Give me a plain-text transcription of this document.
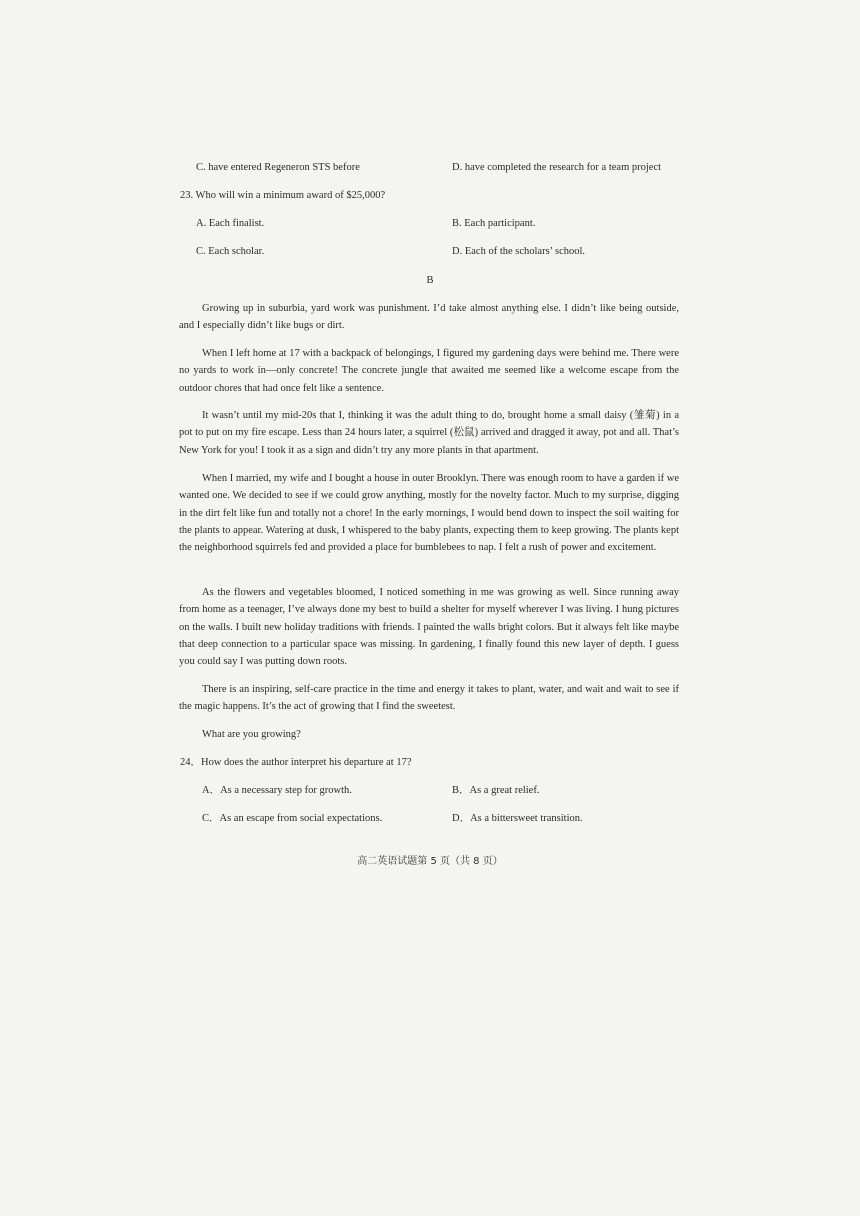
C. have entered Regeneron STS before	D. have completed the research for a team project
23. Who will win a minimum award of $25,000?
A. Each finalist.	B. Each participant.
C. Each scholar.	D. Each of the scholars’ school.
B

Growing up in suburbia, yard work was punishment. I’d take almost anything else. I didn’t like being outside, and I especially didn’t like bugs or dirt.

When I left home at 17 with a backpack of belongings, I figured my gardening days were behind me. There were no yards to work in—only concrete! The concrete jungle that awaited me seemed like a welcome escape from the outdoor chores that had once felt like a sentence.

It wasn’t until my mid-20s that I, thinking it was the adult thing to do, brought home a small daisy (雏菊) in a pot to put on my fire escape. Less than 24 hours later, a squirrel (松鼠) arrived and dragged it away, pot and all. That’s New York for you! I took it as a sign and didn’t try any more plants in that apartment.

When I married, my wife and I bought a house in outer Brooklyn. There was enough room to have a garden if we wanted one. We decided to see if we could grow anything, mostly for the novelty factor. Much to my surprise, digging in the dirt felt like fun and totally not a chore! In the early mornings, I would bend down to inspect the soil waiting for the plants to appear. Watering at dusk, I whispered to the baby plants, expecting them to keep growing. The plants kept the neighborhood squirrels fed and provided a place for bumblebees to nap. I felt a rush of power and excitement.

As the flowers and vegetables bloomed, I noticed something in me was growing as well. Since running away from home as a teenager, I’ve always done my best to build a shelter for myself wherever I was living. I hung pictures on the walls. I built new holiday traditions with friends. I painted the walls bright colors. But it always felt like maybe that deep connection to a particular space was missing. In gardening, I finally found this new layer of depth. I guess you could say I was putting down roots.

There is an inspiring, self-care practice in the time and energy it takes to plant, water, and wait and wait to see if the magic happens. It’s the act of growing that I find the sweetest.

What are you growing?

24．How does the author interpret his departure at 17?
A．As a necessary step for growth.	B．As a great relief.
C．As an escape from social expectations.	D．As a bittersweet transition.
高二英语试题第 5 页（共 8 页）
